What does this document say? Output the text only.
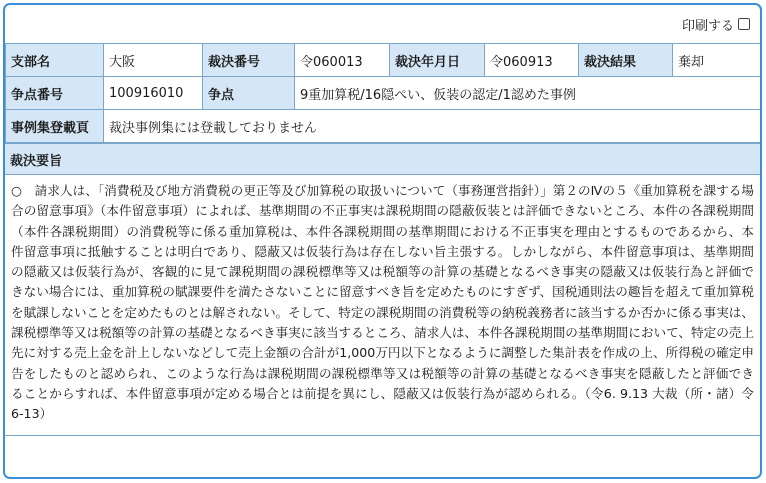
印刷する
支部名	大阪	裁決番号	令060013	裁決年月日	令060913	裁決結果	棄却
争点番号	100916010	争点	9重加算税/16隠ぺい、仮装の認定/1認めた事例				
事例集登載頁	裁決事例集には登載しておりません						
裁決要旨
○　請求人は、「消費税及び地方消費税の更正等及び加算税の取扱いについて（事務運営指針）」第２のⅣの５《重加算税を課する場合の留意事項》（本件留意事項）によれば、基準期間の不正事実は課税期間の隠蔽仮装とは評価できないところ、本件の各課税期間（本件各課税期間）の消費税等に係る重加算税は、本件各課税期間の基準期間における不正事実を理由とするものであるから、本件留意事項に抵触することは明白であり、隠蔽又は仮装行為は存在しない旨主張する。しかしながら、本件留意事項は、基準期間の隠蔽又は仮装行為が、客観的に見て課税期間の課税標準等又は税額等の計算の基礎となるべき事実の隠蔽又は仮装行為と評価できない場合には、重加算税の賦課要件を満たさないことに留意すべき旨を定めたものにすぎず、国税通則法の趣旨を超えて重加算税を賦課しないことを定めたものとは解されない。そして、特定の課税期間の消費税等の納税義務者に該当するか否かに係る事実は、課税標準等又は税額等の計算の基礎となるべき事実に該当するところ、請求人は、本件各課税期間の基準期間において、特定の売上先に対する売上金を計上しないなどして売上金額の合計が1,000万円以下となるように調整した集計表を作成の上、所得税の確定申告をしたものと認められ、このような行為は課税期間の課税標準等又は税額等の計算の基礎となるべき事実を隠蔽したと評価できることからすれば、本件留意事項が定める場合とは前提を異にし、隠蔽又は仮装行為が認められる。（令6. 9.13 大裁（所・諸）令6-13）
